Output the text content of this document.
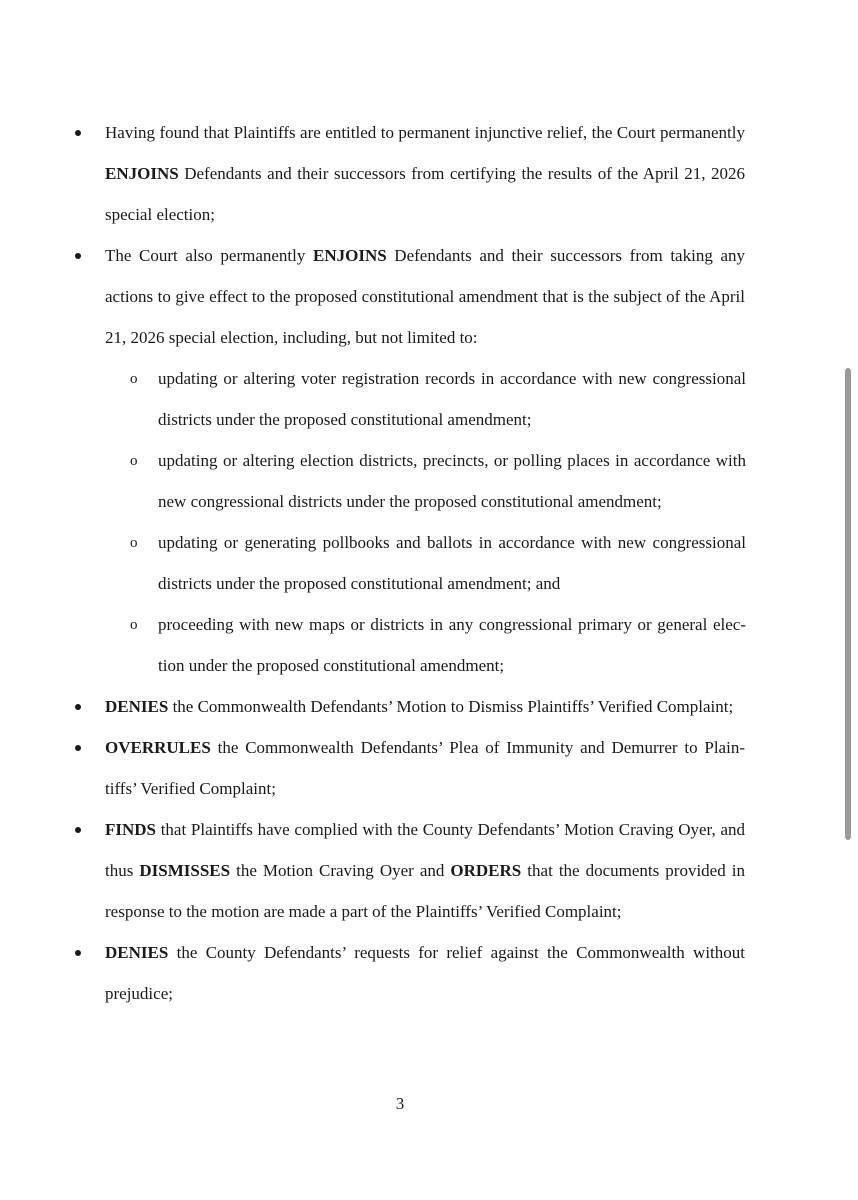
Having found that Plaintiffs are entitled to permanent injunctive relief, the Court permanently ENJOINS Defendants and their successors from certifying the results of the April 21, 2026 special election;
The Court also permanently ENJOINS Defendants and their successors from taking any actions to give effect to the proposed constitutional amendment that is the subject of the April 21, 2026 special election, including, but not limited to:
o	updating or altering voter registration records in accordance with new congressional districts under the proposed constitutional amendment;
o	updating or altering election districts, precincts, or polling places in accordance with new congressional districts under the proposed constitutional amendment;
o	updating or generating pollbooks and ballots in accordance with new congressional districts under the proposed constitutional amendment; and
o	proceeding with new maps or districts in any congressional primary or general election under the proposed constitutional amendment;
DENIES the Commonwealth Defendants’ Motion to Dismiss Plaintiffs’ Verified Complaint;
OVERRULES the Commonwealth Defendants’ Plea of Immunity and Demurrer to Plaintiffs’ Verified Complaint;
FINDS that Plaintiffs have complied with the County Defendants’ Motion Craving Oyer, and thus DISMISSES the Motion Craving Oyer and ORDERS that the documents provided in response to the motion are made a part of the Plaintiffs’ Verified Complaint;
DENIES the County Defendants’ requests for relief against the Commonwealth without prejudice;
3
